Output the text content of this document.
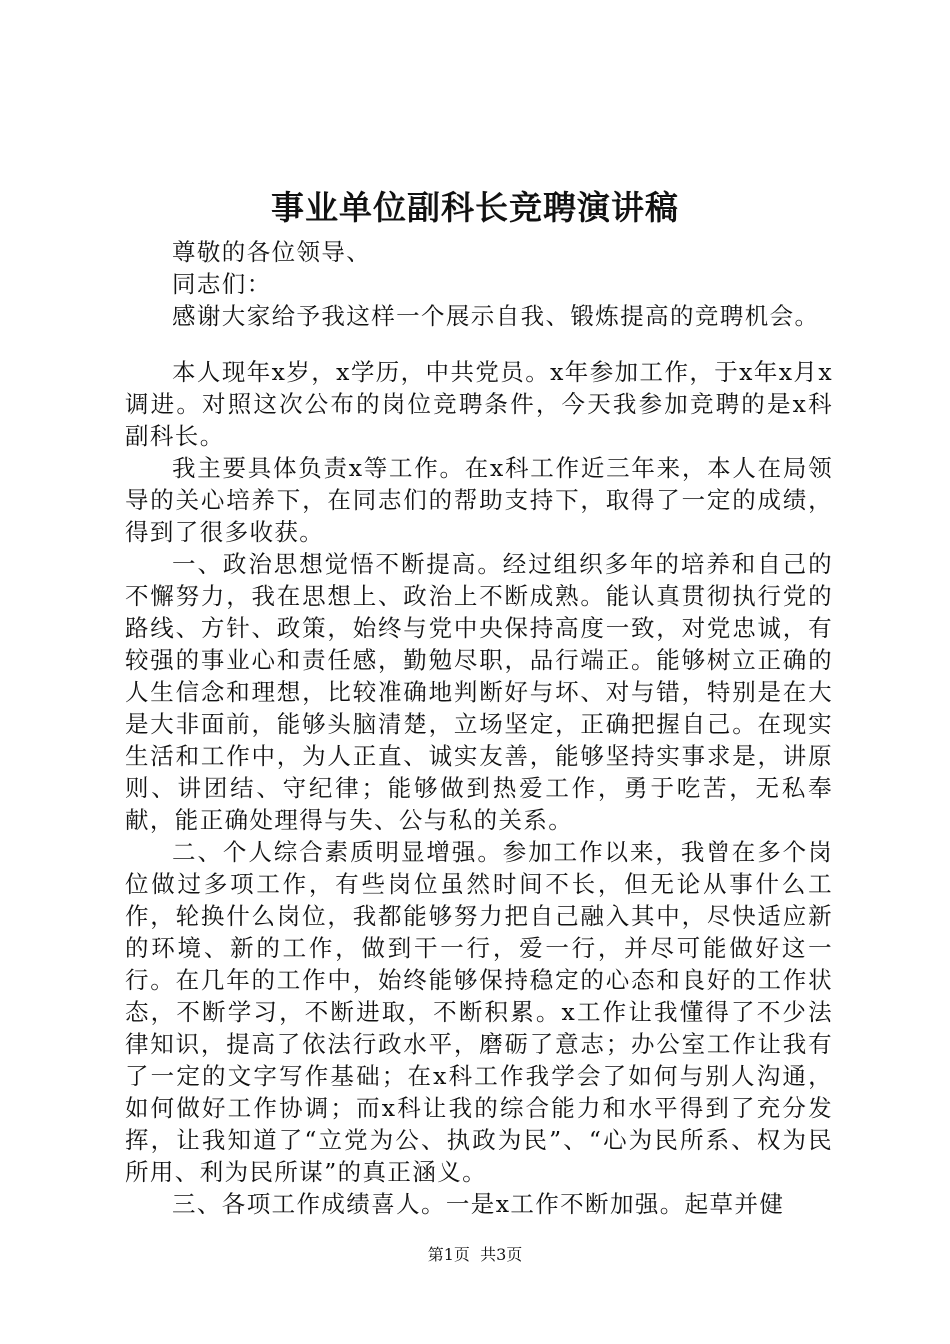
事业单位副科长竞聘演讲稿

尊敬的各位领导、

同志们：

感谢大家给予我这样一个展示自我、锻炼提高的竞聘机会。

本人现年x岁，x学历，中共党员。x年参加工作，于x年x月x调进。对照这次公布的岗位竞聘条件，今天我参加竞聘的是x科副科长。

我主要具体负责x等工作。在x科工作近三年来，本人在局领导的关心培养下，在同志们的帮助支持下，取得了一定的成绩，得到了很多收获。

一、政治思想觉悟不断提高。经过组织多年的培养和自己的不懈努力，我在思想上、政治上不断成熟。能认真贯彻执行党的路线、方针、政策，始终与党中央保持高度一致，对党忠诚，有较强的事业心和责任感，勤勉尽职，品行端正。能够树立正确的人生信念和理想，比较准确地判断好与坏、对与错，特别是在大是大非面前，能够头脑清楚，立场坚定，正确把握自己。在现实生活和工作中，为人正直、诚实友善，能够坚持实事求是，讲原则、讲团结、守纪律；能够做到热爱工作，勇于吃苦，无私奉献，能正确处理得与失、公与私的关系。

二、个人综合素质明显增强。参加工作以来，我曾在多个岗位做过多项工作，有些岗位虽然时间不长，但无论从事什么工作，轮换什么岗位，我都能够努力把自己融入其中，尽快适应新的环境、新的工作，做到干一行，爱一行，并尽可能做好这一行。在几年的工作中，始终能够保持稳定的心态和良好的工作状态，不断学习，不断进取，不断积累。x工作让我懂得了不少法律知识，提高了依法行政水平，磨砺了意志；办公室工作让我有了一定的文字写作基础；在x科工作我学会了如何与别人沟通，如何做好工作协调；而x科让我的综合能力和水平得到了充分发挥，让我知道了“立党为公、执政为民”、“心为民所系、权为民所用、利为民所谋”的真正涵义。

三、各项工作成绩喜人。一是x工作不断加强。起草并健

第1页 共3页
